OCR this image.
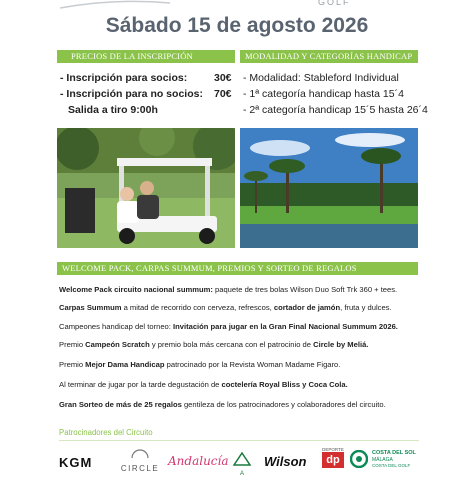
GOLF
Sábado 15 de agosto 2026
PRECIOS DE LA INSCRIPCIÓN	MODALIDAD Y CATEGORÍAS HANDICAP
- Inscripción para socios:	30€
- Inscripción para no socios: 70€
Salida a tiro 9:00h
- Modalidad: Stableford Individual
- 1ª categoría handicap hasta 15´4
- 2ª categoría handicap 15´5 hasta 26´4
WELCOME PACK, CARPAS SUMMUM, PREMIOS Y SORTEO DE REGALOS
Welcome Pack circuito nacional summum: paquete de tres bolas Wilson Duo Soft Trk 360 + tees.
Carpas Summum a mitad de recorrido con cerveza, refrescos, cortador de jamón, fruta y dulces.
Campeones handicap del torneo: Invitación para jugar en la Gran Final Nacional Summum 2026.
Premio Campeón Scratch y premio bola más cercana con el patrocinio de Circle by Meliá.
Premio Mejor Dama Handicap patrocinado por la Revista Woman Madame Figaro.
Al terminar de jugar por la tarde degustación de coctelería Royal Bliss y Coca Cola.
Gran Sorteo de más de 25 regalos gentileza de los patrocinadores y colaboradores del circuito.
Patrocinadores del Circuito
KGM	CIRCLE
Andalucía
A
Wilson
DEPORTE
dp
COSTA DEL SOL
MÁLAGA
COSTA DEL GOLF
